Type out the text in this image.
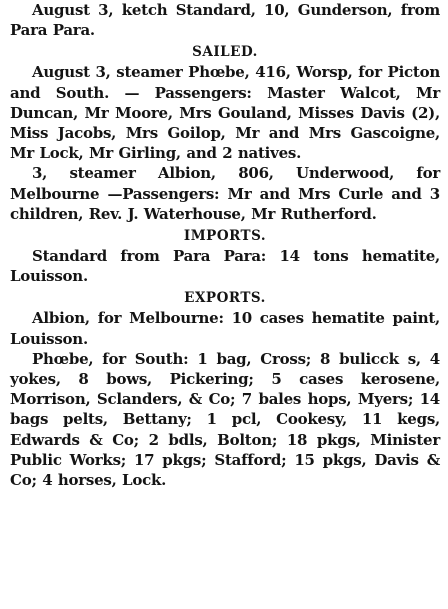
August 3, ketch Standard, 10, Gunderson, from Para Para.

SAILED.

August 3, steamer Phœbe, 416, Worsp, for Picton and South. — Passengers: Master Walcot, Mr Duncan, Mr Moore, Mrs Gouland, Misses Davis (2), Miss Jacobs, Mrs Goilop, Mr and Mrs Gascoigne, Mr Lock, Mr Girling, and 2 natives.

3, steamer Albion, 806, Underwood, for Melbourne —Passengers: Mr and Mrs Curle and 3 children, Rev. J. Waterhouse, Mr Rutherford.

IMPORTS.

Standard from Para Para: 14 tons hematite, Louisson.

EXPORTS.

Albion, for Melbourne: 10 cases hematite paint, Louisson.

Phœbe, for South: 1 bag, Cross; 8 bulicck s, 4 yokes, 8 bows, Pickering; 5 cases kerosene, Morrison, Sclanders, & Co; 7 bales hops, Myers; 14 bags pelts, Bettany; 1 pcl, Cookesy, 11 kegs, Edwards & Co; 2 bdls, Bolton; 18 pkgs, Minister Public Works; 17 pkgs; Stafford; 15 pkgs, Davis & Co; 4 horses, Lock.
